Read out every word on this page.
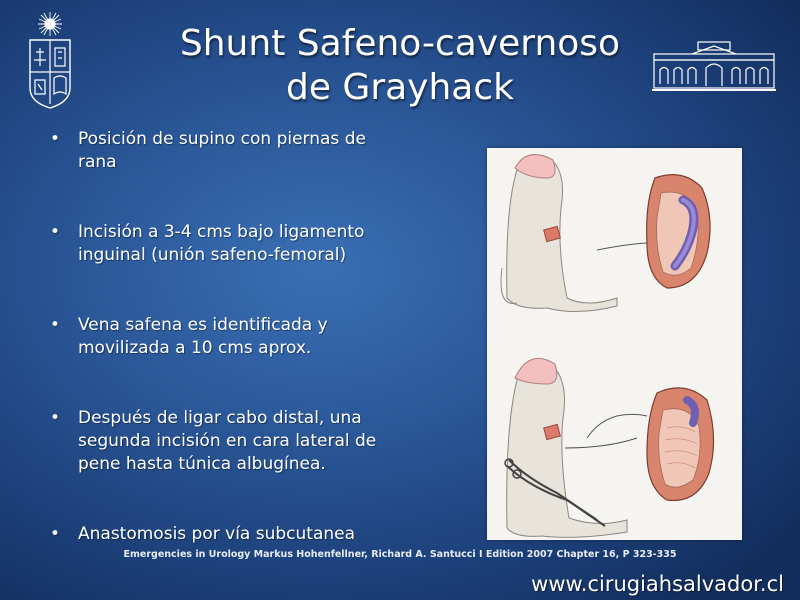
Shunt Safeno-cavernoso
de Grayhack
• Posición de supino con piernas de rana
• Incisión a 3-4 cms bajo ligamento inguinal (unión safeno-femoral)
• Vena safena es identificada y movilizada a 10 cms aprox.
• Después de ligar cabo distal, una segunda incisión en cara lateral de pene hasta túnica albugínea.
• Anastomosis por vía subcutanea
Emergencies in Urology Markus Hohenfellner, Richard A. Santucci I Edition 2007 Chapter 16, P 323-335
www.cirugiahsalvador.cl
